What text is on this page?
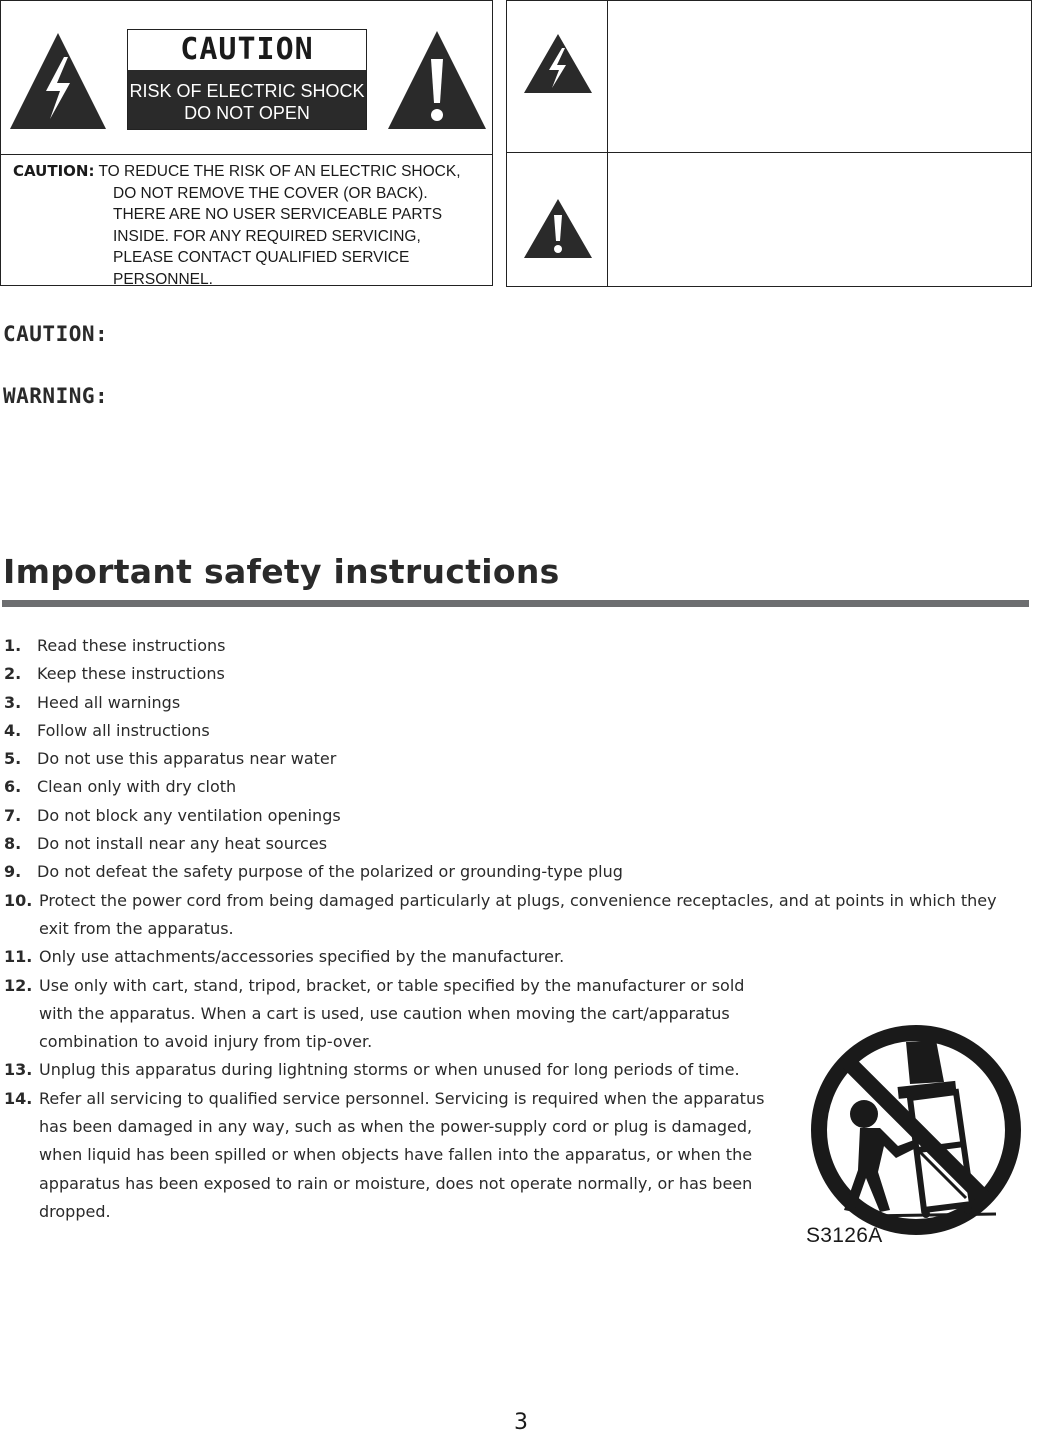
CAUTION
RISK OF ELECTRIC SHOCK
DO NOT OPEN
CAUTION: TO REDUCE THE RISK OF AN ELECTRIC SHOCK,
DO NOT REMOVE THE COVER (OR BACK).
THERE ARE NO USER SERVICEABLE PARTS
INSIDE. FOR ANY REQUIRED SERVICING,
PLEASE CONTACT QUALIFIED SERVICE
PERSONNEL.
CAUTION:
WARNING:
Important safety instructions
1. Read these instructions
2. Keep these instructions
3. Heed all warnings
4. Follow all instructions
5. Do not use this apparatus near water
6. Clean only with dry cloth
7. Do not block any ventilation openings
8. Do not install near any heat sources
9. Do not defeat the safety purpose of the polarized or grounding-type plug
10. Protect the power cord from being damaged particularly at plugs, convenience receptacles, and at points in which they exit from the apparatus.
11. Only use attachments/accessories specified by the manufacturer.
12. Use only with cart, stand, tripod, bracket, or table specified by the manufacturer or sold with the apparatus. When a cart is used, use caution when moving the cart/apparatus combination to avoid injury from tip-over.
13. Unplug this apparatus during lightning storms or when unused for long periods of time.
14. Refer all servicing to qualified service personnel. Servicing is required when the apparatus has been damaged in any way, such as when the power-supply cord or plug is damaged, when liquid has been spilled or when objects have fallen into the apparatus, or when the apparatus has been exposed to rain or moisture, does not operate normally, or has been dropped.
S3126A
3
